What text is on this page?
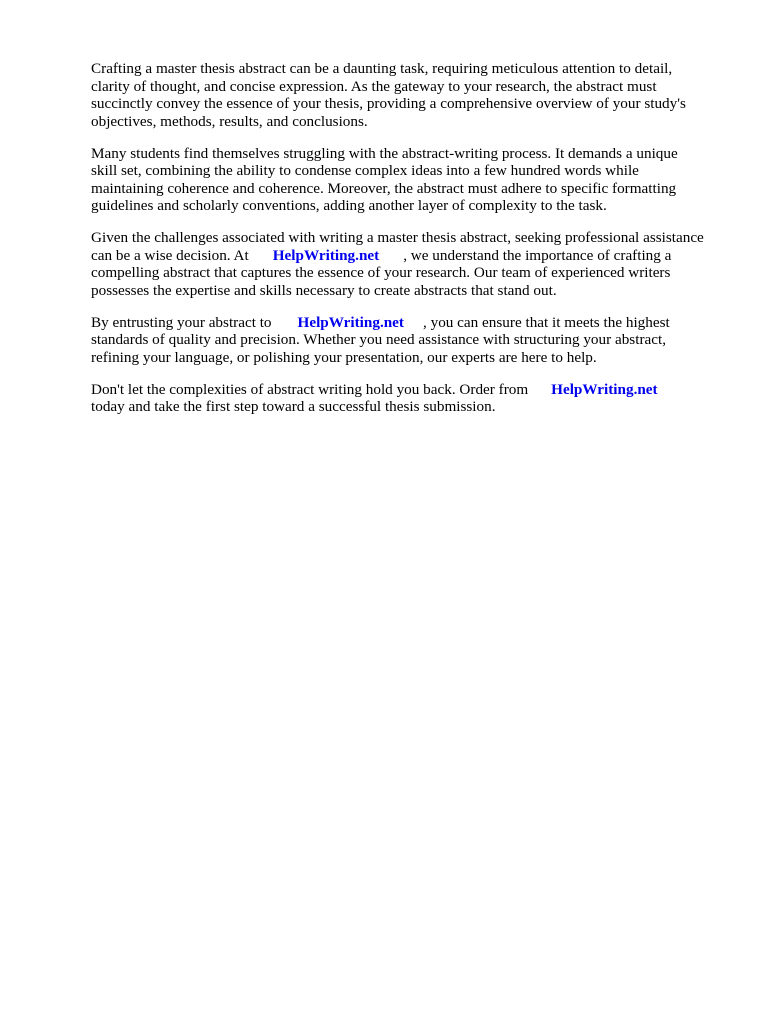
Crafting a master thesis abstract can be a daunting task, requiring meticulous attention to detail,
clarity of thought, and concise expression. As the gateway to your research, the abstract must
succinctly convey the essence of your thesis, providing a comprehensive overview of your study's
objectives, methods, results, and conclusions.

Many students find themselves struggling with the abstract-writing process. It demands a unique
skill set, combining the ability to condense complex ideas into a few hundred words while
maintaining coherence and coherence. Moreover, the abstract must adhere to specific formatting
guidelines and scholarly conventions, adding another layer of complexity to the task.

Given the challenges associated with writing a master thesis abstract, seeking professional assistance
can be a wise decision. At HelpWriting.net , we understand the importance of crafting a
compelling abstract that captures the essence of your research. Our team of experienced writers
possesses the expertise and skills necessary to create abstracts that stand out.

By entrusting your abstract to HelpWriting.net , you can ensure that it meets the highest
standards of quality and precision. Whether you need assistance with structuring your abstract,
refining your language, or polishing your presentation, our experts are here to help.

Don't let the complexities of abstract writing hold you back. Order from HelpWriting.net
today and take the first step toward a successful thesis submission.
